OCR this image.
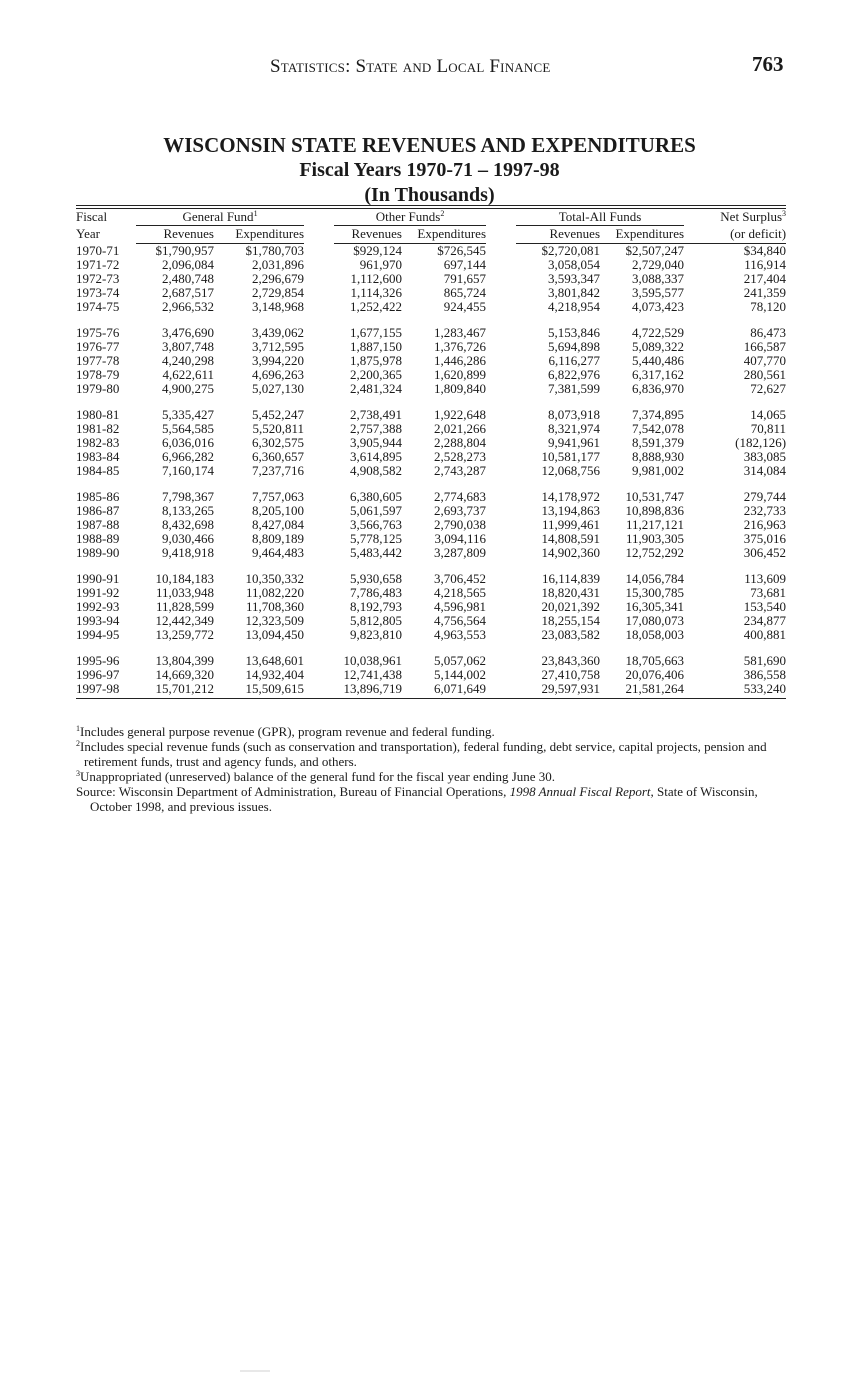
Statistics: State and Local Finance	763
WISCONSIN STATE REVENUES AND EXPENDITURES
Fiscal Years 1970-71 – 1997-98
(In Thousands)
Fiscal	General Fund$^1$			Other Funds$^2$			Total-All Funds		Net Surplus$^3$
Year	Revenues	Expenditures		Revenues	Expenditures		Revenues	Expenditures	(or deficit)
1970-71	$1,790,957	$1,780,703		$929,124	$726,545		$2,720,081	$2,507,247	$34,840
1971-72	2,096,084	2,031,896		961,970	697,144		3,058,054	2,729,040	116,914
1972-73	2,480,748	2,296,679		1,112,600	791,657		3,593,347	3,088,337	217,404
1973-74	2,687,517	2,729,854		1,114,326	865,724		3,801,842	3,595,577	241,359
1974-75	2,966,532	3,148,968		1,252,422	924,455		4,218,954	4,073,423	78,120

1975-76	3,476,690	3,439,062		1,677,155	1,283,467		5,153,846	4,722,529	86,473
1976-77	3,807,748	3,712,595		1,887,150	1,376,726		5,694,898	5,089,322	166,587
1977-78	4,240,298	3,994,220		1,875,978	1,446,286		6,116,277	5,440,486	407,770
1978-79	4,622,611	4,696,263		2,200,365	1,620,899		6,822,976	6,317,162	280,561
1979-80	4,900,275	5,027,130		2,481,324	1,809,840		7,381,599	6,836,970	72,627

1980-81	5,335,427	5,452,247		2,738,491	1,922,648		8,073,918	7,374,895	14,065
1981-82	5,564,585	5,520,811		2,757,388	2,021,266		8,321,974	7,542,078	70,811
1982-83	6,036,016	6,302,575		3,905,944	2,288,804		9,941,961	8,591,379	(182,126)
1983-84	6,966,282	6,360,657		3,614,895	2,528,273		10,581,177	8,888,930	383,085
1984-85	7,160,174	7,237,716		4,908,582	2,743,287		12,068,756	9,981,002	314,084

1985-86	7,798,367	7,757,063		6,380,605	2,774,683		14,178,972	10,531,747	279,744
1986-87	8,133,265	8,205,100		5,061,597	2,693,737		13,194,863	10,898,836	232,733
1987-88	8,432,698	8,427,084		3,566,763	2,790,038		11,999,461	11,217,121	216,963
1988-89	9,030,466	8,809,189		5,778,125	3,094,116		14,808,591	11,903,305	375,016
1989-90	9,418,918	9,464,483		5,483,442	3,287,809		14,902,360	12,752,292	306,452

1990-91	10,184,183	10,350,332		5,930,658	3,706,452		16,114,839	14,056,784	113,609
1991-92	11,033,948	11,082,220		7,786,483	4,218,565		18,820,431	15,300,785	73,681
1992-93	11,828,599	11,708,360		8,192,793	4,596,981		20,021,392	16,305,341	153,540
1993-94	12,442,349	12,323,509		5,812,805	4,756,564		18,255,154	17,080,073	234,877
1994-95	13,259,772	13,094,450		9,823,810	4,963,553		23,083,582	18,058,003	400,881

1995-96	13,804,399	13,648,601		10,038,961	5,057,062		23,843,360	18,705,663	581,690
1996-97	14,669,320	14,932,404		12,741,438	5,144,002		27,410,758	20,076,406	386,558
1997-98	15,701,212	15,509,615		13,896,719	6,071,649		29,597,931	21,581,264	533,240

$^1$Includes general purpose revenue (GPR), program revenue and federal funding.

$^2$Includes special revenue funds (such as conservation and transportation), federal funding, debt service, capital projects, pension and retirement funds, trust and agency funds, and others.

$^3$Unappropriated (unreserved) balance of the general fund for the fiscal year ending June 30.

Source: Wisconsin Department of Administration, Bureau of Financial Operations, 1998 Annual Fiscal Report, State of Wisconsin,
October 1998, and previous issues.
